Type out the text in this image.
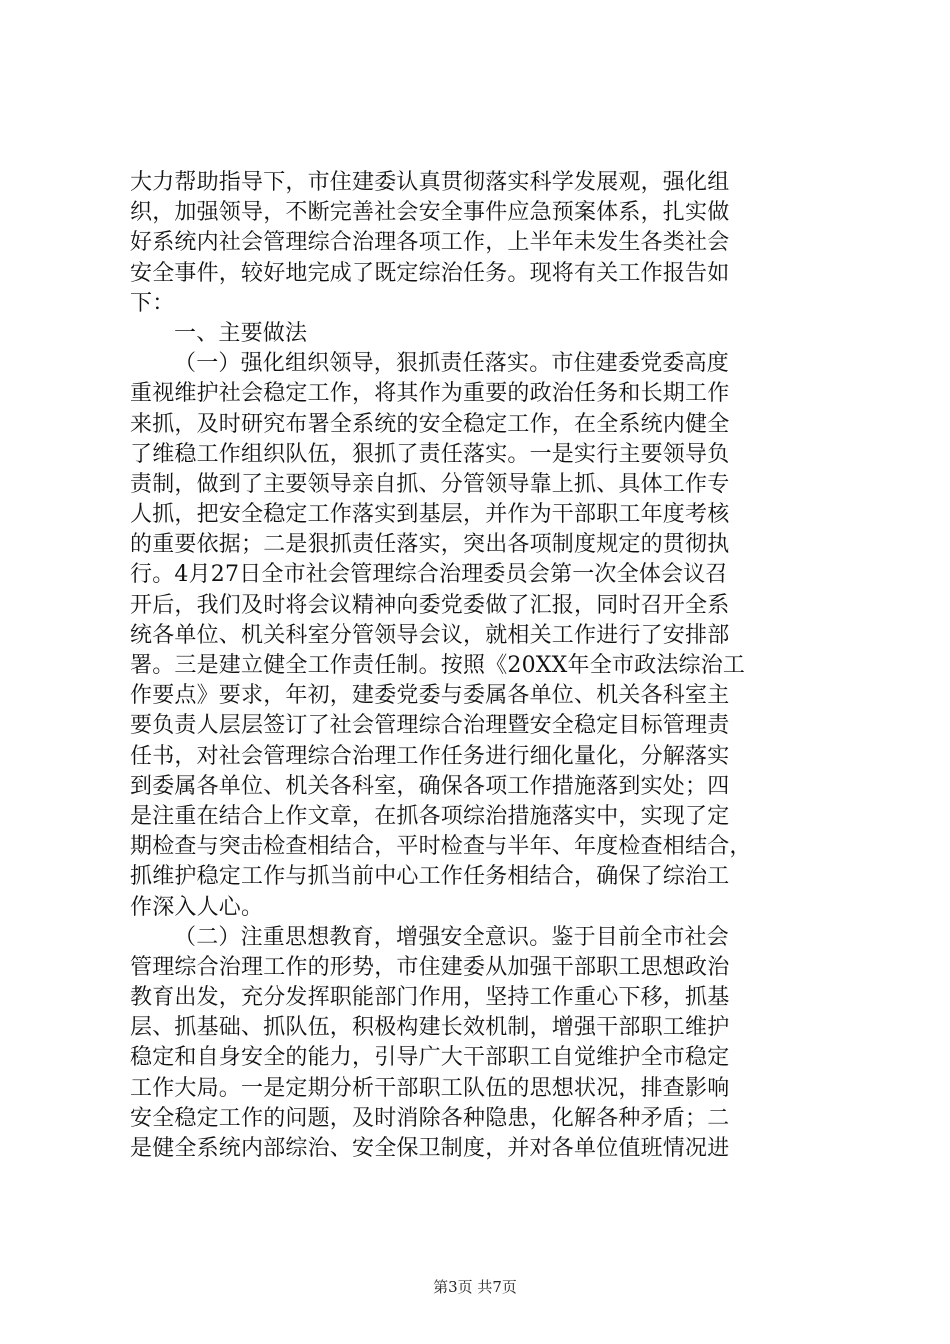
大力帮助指导下，市住建委认真贯彻落实科学发展观，强化组
织，加强领导，不断完善社会安全事件应急预案体系，扎实做
好系统内社会管理综合治理各项工作，上半年未发生各类社会
安全事件，较好地完成了既定综治任务。现将有关工作报告如
下：
一、主要做法
（一）强化组织领导，狠抓责任落实。市住建委党委高度
重视维护社会稳定工作，将其作为重要的政治任务和长期工作
来抓，及时研究布署全系统的安全稳定工作，在全系统内健全
了维稳工作组织队伍，狠抓了责任落实。一是实行主要领导负
责制，做到了主要领导亲自抓、分管领导靠上抓、具体工作专
人抓，把安全稳定工作落实到基层，并作为干部职工年度考核
的重要依据；二是狠抓责任落实，突出各项制度规定的贯彻执
行。4月27日全市社会管理综合治理委员会第一次全体会议召
开后，我们及时将会议精神向委党委做了汇报，同时召开全系
统各单位、机关科室分管领导会议，就相关工作进行了安排部
署。三是建立健全工作责任制。按照《20XX年全市政法综治工
作要点》要求，年初，建委党委与委属各单位、机关各科室主
要负责人层层签订了社会管理综合治理暨安全稳定目标管理责
任书，对社会管理综合治理工作任务进行细化量化，分解落实
到委属各单位、机关各科室，确保各项工作措施落到实处；四
是注重在结合上作文章，在抓各项综治措施落实中，实现了定
期检查与突击检查相结合，平时检查与半年、年度检查相结合，
抓维护稳定工作与抓当前中心工作任务相结合，确保了综治工
作深入人心。
（二）注重思想教育，增强安全意识。鉴于目前全市社会
管理综合治理工作的形势，市住建委从加强干部职工思想政治
教育出发，充分发挥职能部门作用，坚持工作重心下移，抓基
层、抓基础、抓队伍，积极构建长效机制，增强干部职工维护
稳定和自身安全的能力，引导广大干部职工自觉维护全市稳定
工作大局。一是定期分析干部职工队伍的思想状况，排查影响
安全稳定工作的问题，及时消除各种隐患，化解各种矛盾；二
是健全系统内部综治、安全保卫制度，并对各单位值班情况进
第3页 共7页
